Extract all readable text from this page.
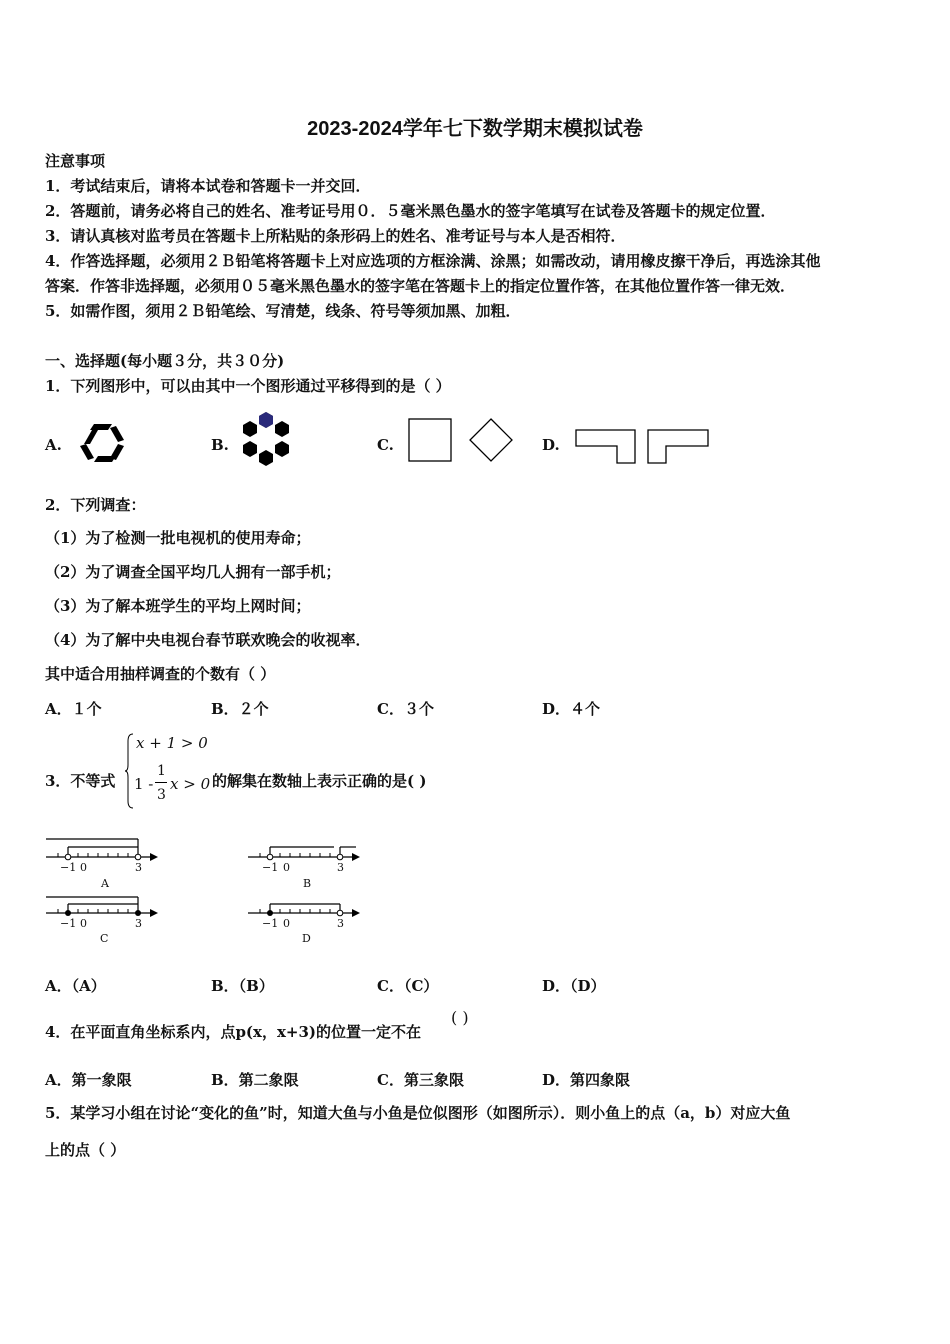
2023-2024学年七下数学期末模拟试卷
注意事项
1．考试结束后，请将本试卷和答题卡一并交回．
2．答题前，请务必将自己的姓名、准考证号用０．５毫米黑色墨水的签字笔填写在试卷及答题卡的规定位置．
3．请认真核对监考员在答题卡上所粘贴的条形码上的姓名、准考证号与本人是否相符．
4．作答选择题，必须用２Ｂ铅笔将答题卡上对应选项的方框涂满、涂黑；如需改动，请用橡皮擦干净后，再选涂其他
答案．作答非选择题，必须用０５毫米黑色墨水的签字笔在答题卡上的指定位置作答，在其他位置作答一律无效．
5．如需作图，须用２Ｂ铅笔绘、写清楚，线条、符号等须加黑、加粗．
一、选择题(每小题３分，共３０分)
1．下列图形中，可以由其中一个图形通过平移得到的是（ ）
A.	B.	C.	D.
2．下列调查：
（1）为了检测一批电视机的使用寿命；
（2）为了调查全国平均几人拥有一部手机；
（3）为了解本班学生的平均上网时间；
（4）为了解中央电视台春节联欢晚会的收视率．
其中适合用抽样调查的个数有（ ）
A．１个	B．２个	C．３个	D．４个
3．不等式
x + 1 > 0
1 -
1
3
x > 0 的解集在数轴上表示正确的是( )
−1 0	3
A
−1 0	3
B
−1 0	3
C
−1 0	3
D
A．（A）	B．（B）	C．（C）	D．（D）
4．在平面直角坐标系内，点p(x，x+3)的位置一定不在
( )
A．第一象限	B．第二象限	C．第三象限	D．第四象限
5．某学习小组在讨论“变化的鱼”时，知道大鱼与小鱼是位似图形（如图所示）．则小鱼上的点（a，b）对应大鱼
上的点（ ）
